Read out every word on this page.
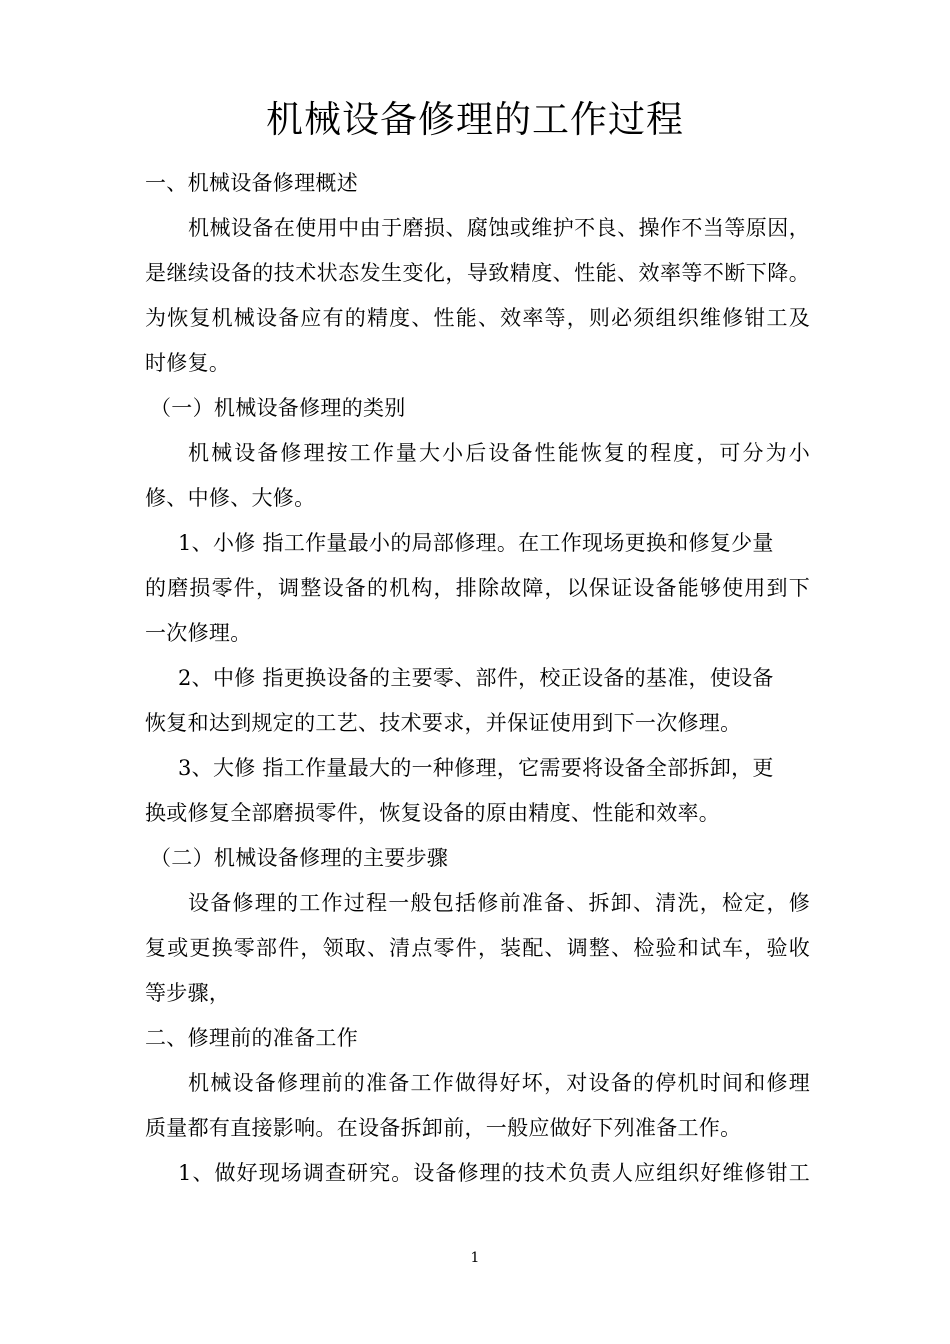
机械设备修理的工作过程
一、机械设备修理概述
机械设备在使用中由于磨损、腐蚀或维护不良、操作不当等原因，
是继续设备的技术状态发生变化，导致精度、性能、效率等不断下降。
为恢复机械设备应有的精度、性能、效率等，则必须组织维修钳工及
时修复。
（一）机械设备修理的类别
机械设备修理按工作量大小后设备性能恢复的程度，可分为小
修、中修、大修。
1、小修 指工作量最小的局部修理。在工作现场更换和修复少量
的磨损零件，调整设备的机构，排除故障，以保证设备能够使用到下
一次修理。
2、中修 指更换设备的主要零、部件，校正设备的基准，使设备
恢复和达到规定的工艺、技术要求，并保证使用到下一次修理。
3、大修 指工作量最大的一种修理，它需要将设备全部拆卸，更
换或修复全部磨损零件，恢复设备的原由精度、性能和效率。
（二）机械设备修理的主要步骤
设备修理的工作过程一般包括修前准备、拆卸、清洗，检定，修
复或更换零部件，领取、清点零件，装配、调整、检验和试车，验收
等步骤，
二、修理前的准备工作
机械设备修理前的准备工作做得好坏，对设备的停机时间和修理
质量都有直接影响。在设备拆卸前，一般应做好下列准备工作。
1、做好现场调查研究。设备修理的技术负责人应组织好维修钳工
1
